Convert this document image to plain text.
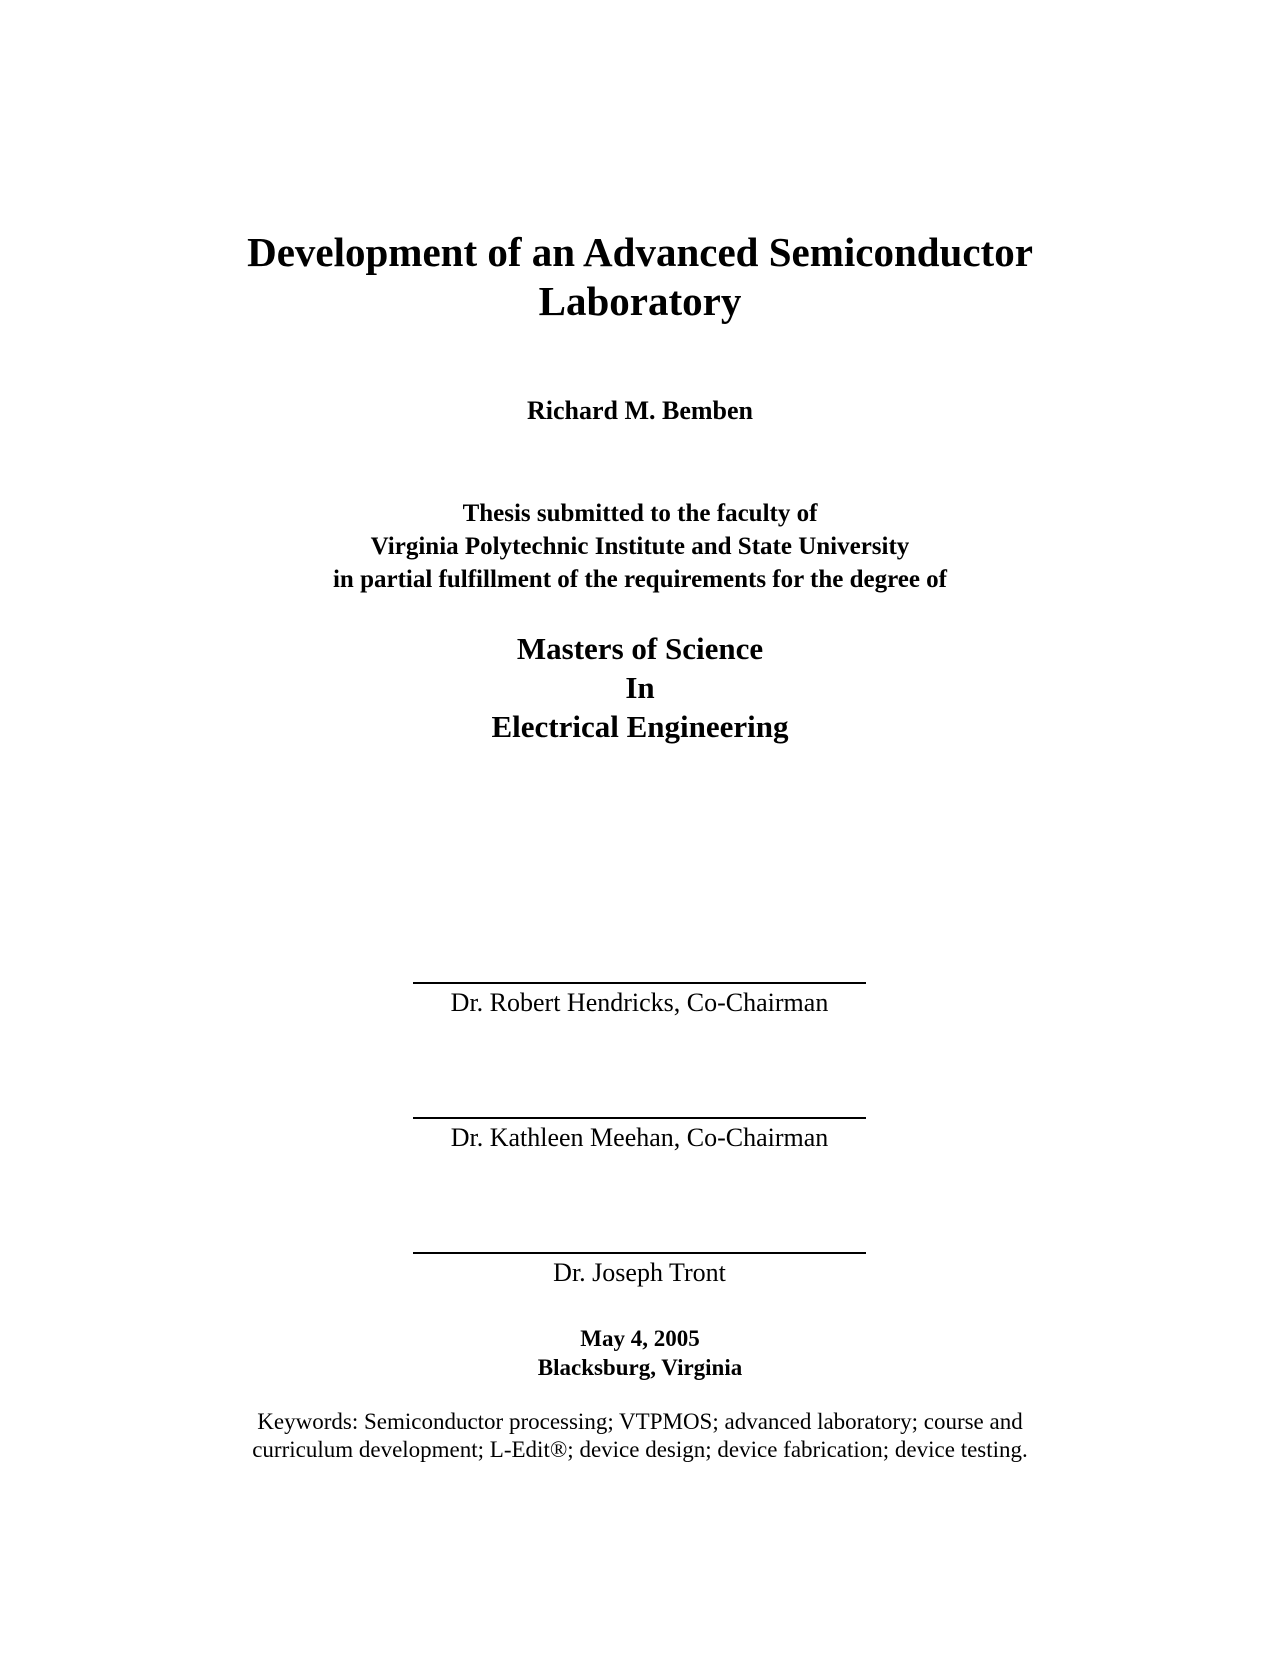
Development of an Advanced Semiconductor
Laboratory
Richard M. Bemben
Thesis submitted to the faculty of
Virginia Polytechnic Institute and State University
in partial fulfillment of the requirements for the degree of
Masters of Science
In
Electrical Engineering
Dr. Robert Hendricks, Co-Chairman
Dr. Kathleen Meehan, Co-Chairman
Dr. Joseph Tront
May 4, 2005
Blacksburg, Virginia
Keywords: Semiconductor processing; VTPMOS; advanced laboratory; course and
curriculum development; L-Edit®; device design; device fabrication; device testing.
